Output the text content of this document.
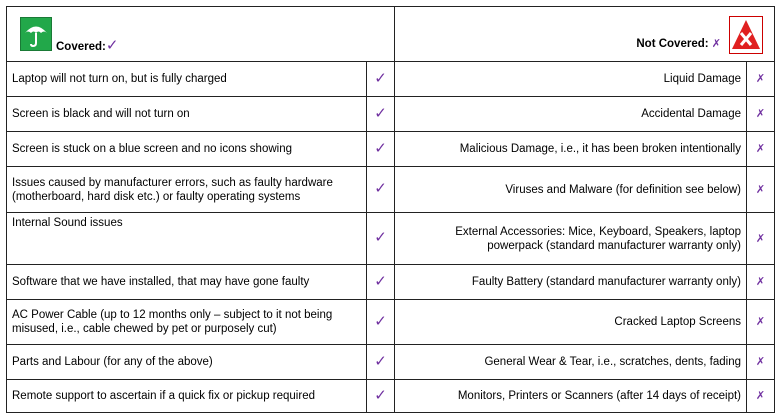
Covered:✓		Not Covered: ✗	

Laptop will not turn on, but is fully charged	✓	Liquid Damage	✗
Screen is black and will not turn on	✓	Accidental Damage	✗
Screen is stuck on a blue screen and no icons showing	✓	Malicious Damage, i.e., it has been broken intentionally	✗
Issues caused by manufacturer errors, such as faulty hardware (motherboard, hard disk etc.) or faulty operating systems	✓	Viruses and Malware (for definition see below)	✗
Internal Sound issues	✓	External Accessories: Mice, Keyboard, Speakers, laptop powerpack (standard manufacturer warranty only)	✗
Software that we have installed, that may have gone faulty	✓	Faulty Battery (standard manufacturer warranty only)	✗
AC Power Cable (up to 12 months only – subject to it not being misused, i.e., cable chewed by pet or purposely cut)	✓	Cracked Laptop Screens	✗
Parts and Labour (for any of the above)	✓	General Wear & Tear, i.e., scratches, dents, fading	✗
Remote support to ascertain if a quick fix or pickup required	✓	Monitors, Printers or Scanners (after 14 days of receipt)	✗
